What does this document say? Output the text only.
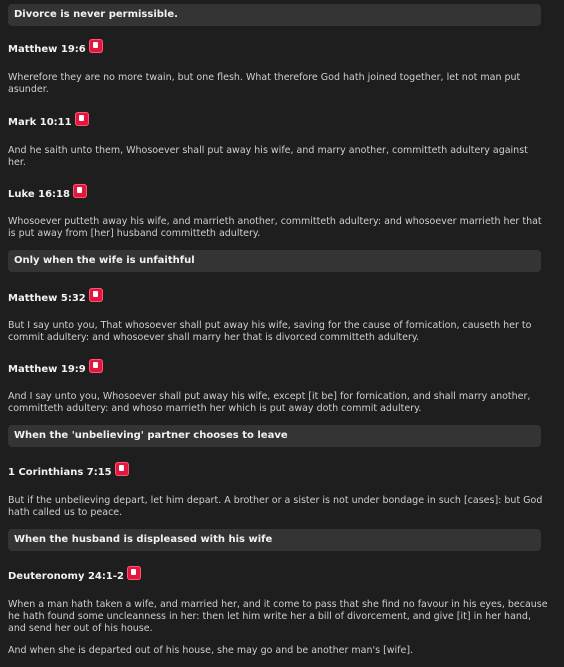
Divorce is never permissible.
Matthew 19:6

Wherefore they are no more twain, but one flesh. What therefore God hath joined together, let not man put asunder.

Mark 10:11

And he saith unto them, Whosoever shall put away his wife, and marry another, committeth adultery against her.

Luke 16:18

Whosoever putteth away his wife, and marrieth another, committeth adultery: and whosoever marrieth her that is put away from [her] husband committeth adultery.

Only when the wife is unfaithful
Matthew 5:32

But I say unto you, That whosoever shall put away his wife, saving for the cause of fornication, causeth her to commit adultery: and whosoever shall marry her that is divorced committeth adultery.

Matthew 19:9

And I say unto you, Whosoever shall put away his wife, except [it be] for fornication, and shall marry another, committeth adultery: and whoso marrieth her which is put away doth commit adultery.

When the 'unbelieving' partner chooses to leave
1 Corinthians 7:15

But if the unbelieving depart, let him depart. A brother or a sister is not under bondage in such [cases]: but God hath called us to peace.

When the husband is displeased with his wife
Deuteronomy 24:1-2

When a man hath taken a wife, and married her, and it come to pass that she find no favour in his eyes, because he hath found some uncleanness in her: then let him write her a bill of divorcement, and give [it] in her hand, and send her out of his house.

And when she is departed out of his house, she may go and be another man's [wife].
